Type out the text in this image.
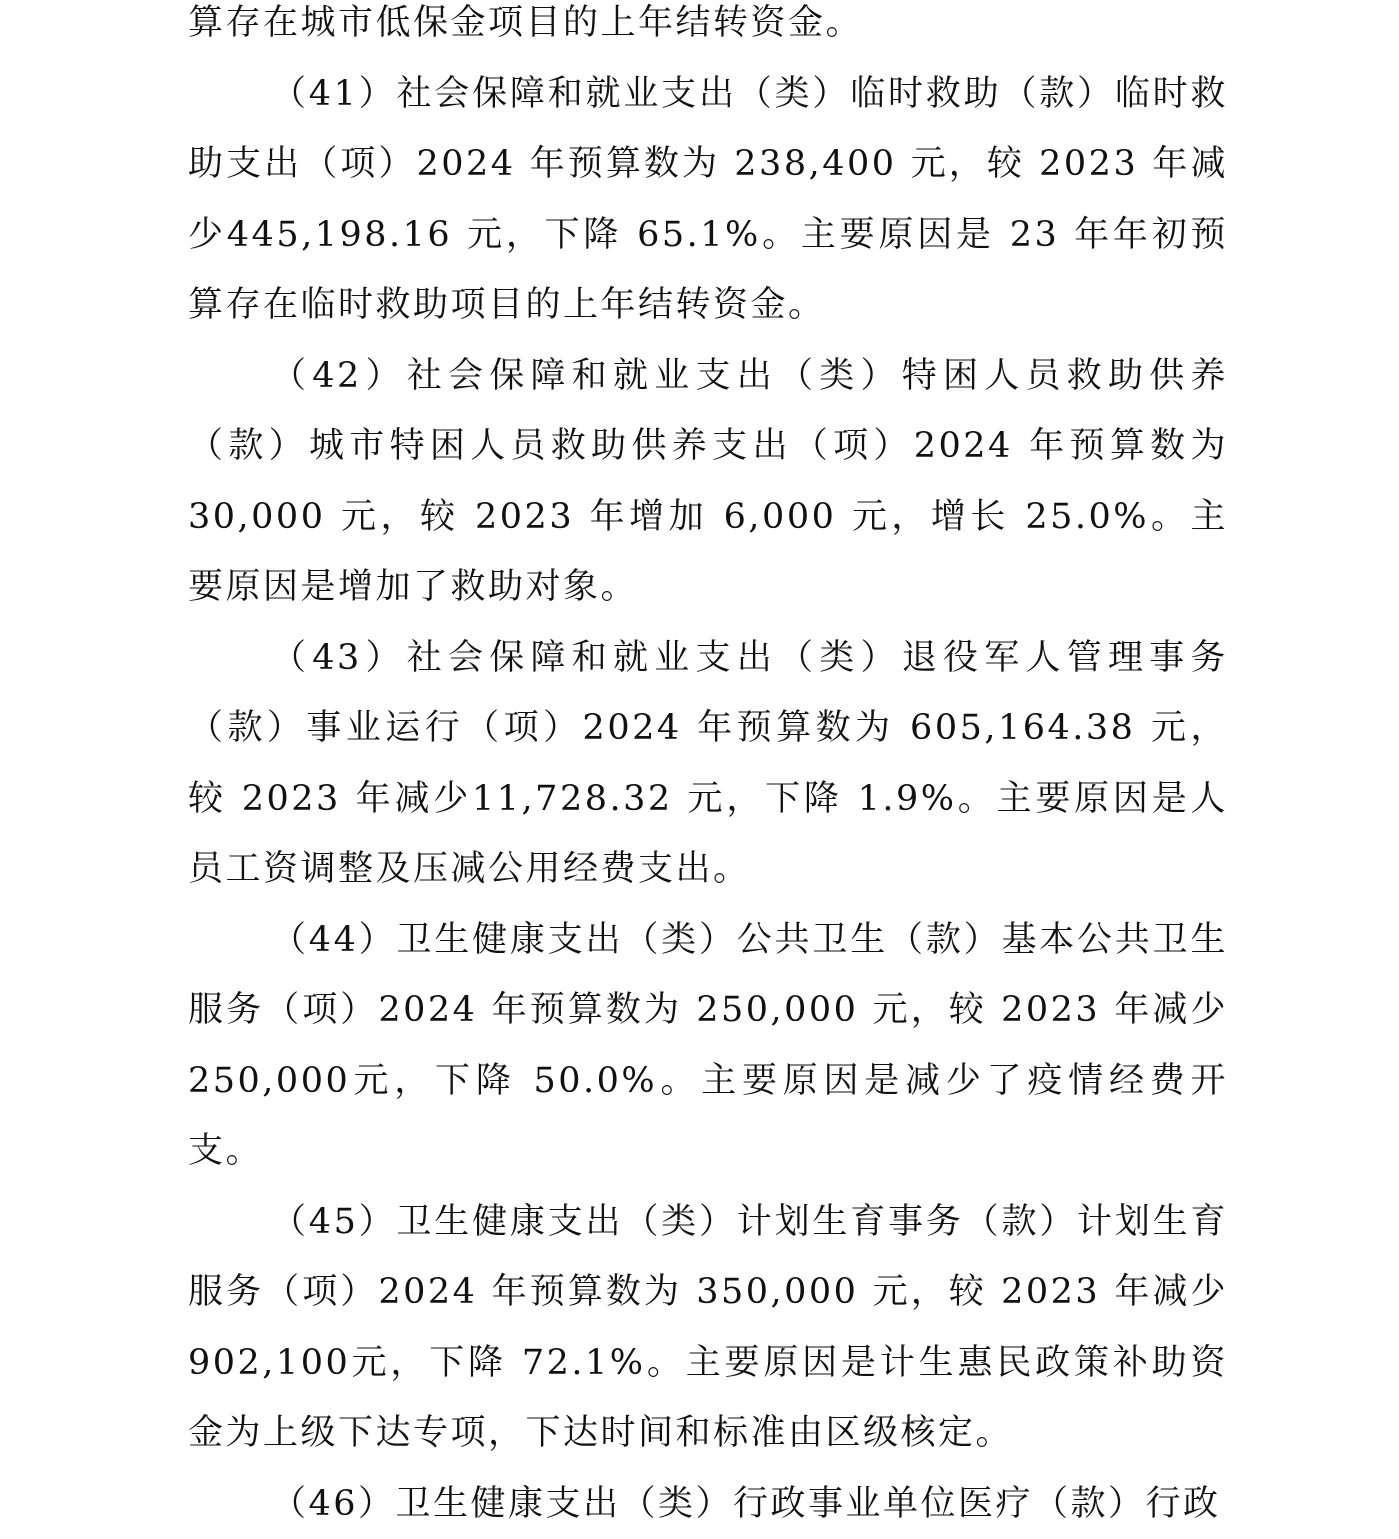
算存在城市低保金项目的上年结转资金。

（41）社会保障和就业支出（类）临时救助（款）临时救助支出（项）2024 年预算数为 238,400 元，较 2023 年减少445,198.16 元，下降 65.1%。主要原因是 23 年年初预算存在临时救助项目的上年结转资金。

（42）社会保障和就业支出（类）特困人员救助供养（款）城市特困人员救助供养支出（项）2024 年预算数为 30,000 元，较 2023 年增加 6,000 元，增长 25.0%。主要原因是增加了救助对象。

（43）社会保障和就业支出（类）退役军人管理事务（款）事业运行（项）2024 年预算数为 605,164.38 元，较 2023 年减少11,728.32 元，下降 1.9%。主要原因是人员工资调整及压减公用经费支出。

（44）卫生健康支出（类）公共卫生（款）基本公共卫生服务（项）2024 年预算数为 250,000 元，较 2023 年减少 250,000元，下降 50.0%。主要原因是减少了疫情经费开支。

（45）卫生健康支出（类）计划生育事务（款）计划生育服务（项）2024 年预算数为 350,000 元，较 2023 年减少 902,100元，下降 72.1%。主要原因是计生惠民政策补助资金为上级下达专项，下达时间和标准由区级核定。

（46）卫生健康支出（类）行政事业单位医疗（款）行政
